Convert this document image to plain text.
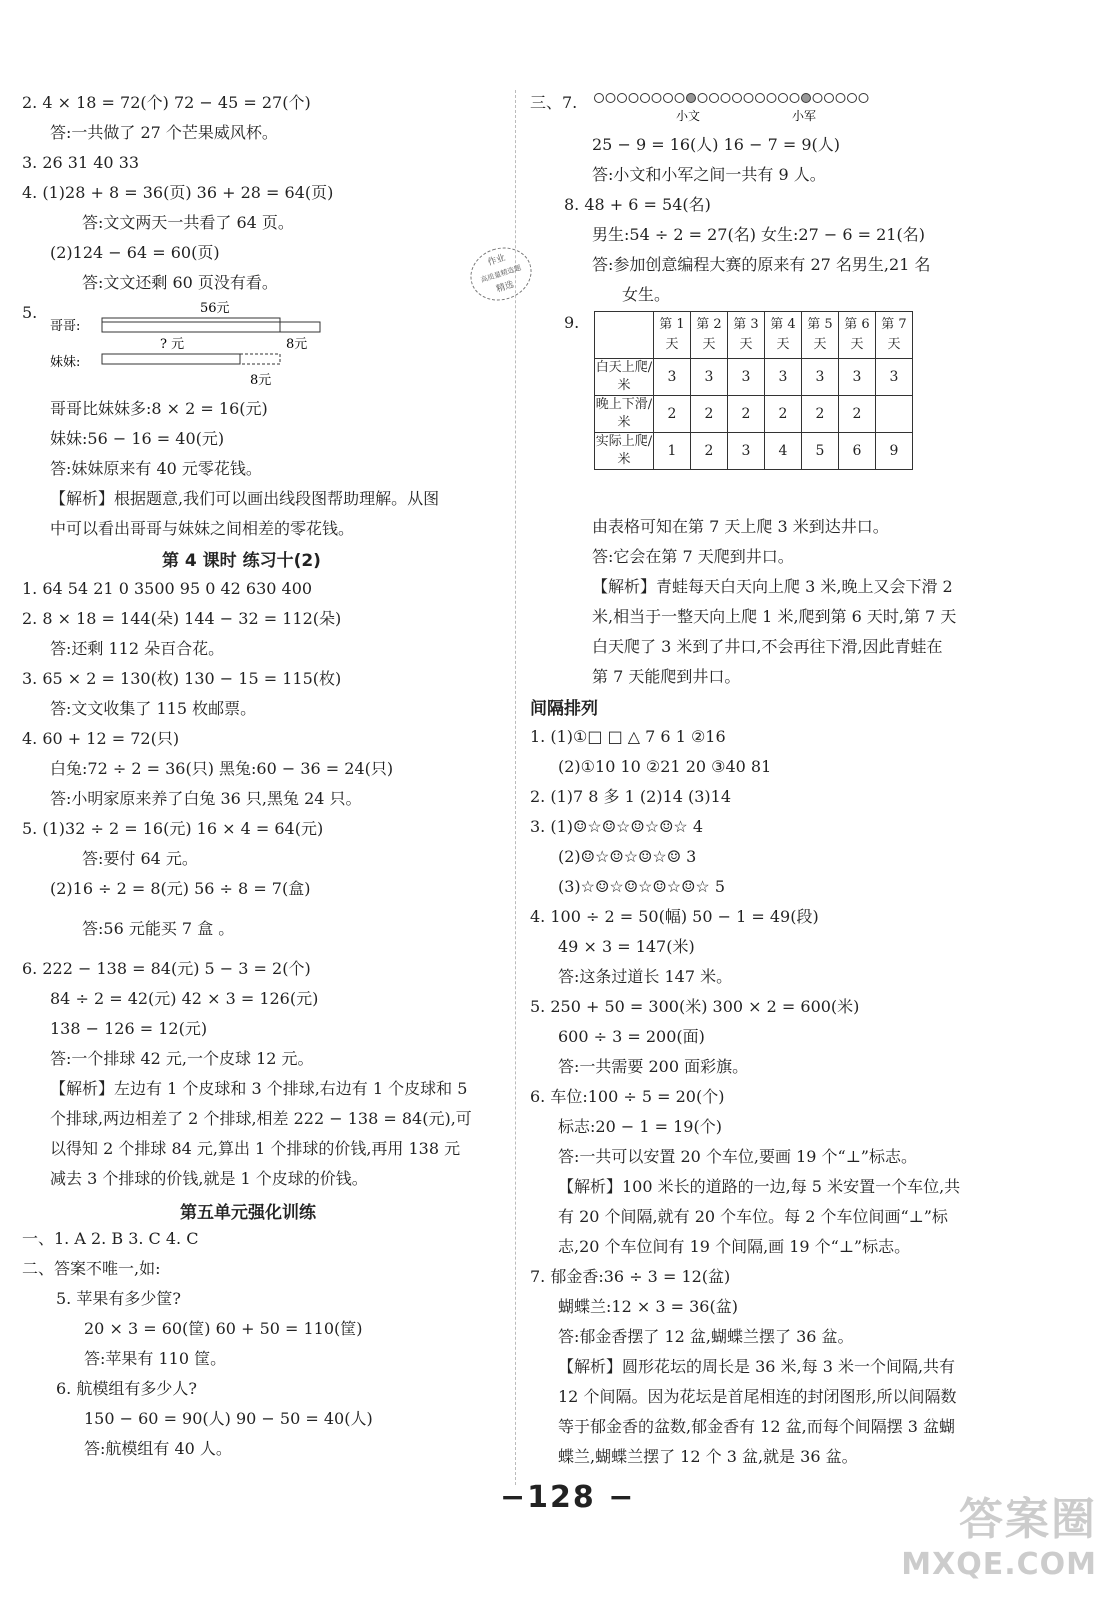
2. 4 × 18 = 72(个) 72 − 45 = 27(个)
答:一共做了 27 个芒果威风杯。
3. 26 31 40 33
4. (1)28 + 8 = 36(页) 36 + 28 = 64(页)
答:文文两天一共看了 64 页。
(2)124 − 64 = 60(页)
答:文文还剩 60 页没有看。
5.
哥哥比妹妹多:8 × 2 = 16(元)
妹妹:56 − 16 = 40(元)
答:妹妹原来有 40 元零花钱。
【解析】根据题意,我们可以画出线段图帮助理解。从图
中可以看出哥哥与妹妹之间相差的零花钱。
第 4 课时 练习十(2)
1. 64 54 21 0 3500 95 0 42 630 400
2. 8 × 18 = 144(朵) 144 − 32 = 112(朵)
答:还剩 112 朵百合花。
3. 65 × 2 = 130(枚) 130 − 15 = 115(枚)
答:文文收集了 115 枚邮票。
4. 60 + 12 = 72(只)
白兔:72 ÷ 2 = 36(只) 黑兔:60 − 36 = 24(只)
答:小明家原来养了白兔 36 只,黑兔 24 只。
5. (1)32 ÷ 2 = 16(元) 16 × 4 = 64(元)
答:要付 64 元。
(2)16 ÷ 2 = 8(元) 56 ÷ 8 = 7(盒)
答:56 元能买 7 盒 。
6. 222 − 138 = 84(元) 5 − 3 = 2(个)
84 ÷ 2 = 42(元) 42 × 3 = 126(元)
138 − 126 = 12(元)
答:一个排球 42 元,一个皮球 12 元。
【解析】左边有 1 个皮球和 3 个排球,右边有 1 个皮球和 5
个排球,两边相差了 2 个排球,相差 222 − 138 = 84(元),可
以得知 2 个排球 84 元,算出 1 个排球的价钱,再用 138 元
减去 3 个排球的价钱,就是 1 个皮球的价钱。
第五单元强化训练
一、1. A 2. B 3. C 4. C
二、答案不唯一,如:
5. 苹果有多少筐?
20 × 3 = 60(筐) 60 + 50 = 110(筐)
答:苹果有 110 筐。
6. 航模组有多少人?
150 − 60 = 90(人) 90 − 50 = 40(人)
答:航模组有 40 人。
三、7.
25 − 9 = 16(人) 16 − 7 = 9(人)
答:小文和小军之间一共有 9 人。
8. 48 + 6 = 54(名)
男生:54 ÷ 2 = 27(名) 女生:27 − 6 = 21(名)
答:参加创意编程大赛的原来有 27 名男生,21 名
女生。
9.
由表格可知在第 7 天上爬 3 米到达井口。
答:它会在第 7 天爬到井口。
【解析】青蛙每天白天向上爬 3 米,晚上又会下滑 2
米,相当于一整天向上爬 1 米,爬到第 6 天时,第 7 天
白天爬了 3 米到了井口,不会再往下滑,因此青蛙在
第 7 天能爬到井口。
间隔排列
1. (1)①□ □ △ 7 6 1 ②16
(2)①10 10 ②21 20 ③40 81
2. (1)7 8 多 1 (2)14 (3)14
3. (1)☺☆☺☆☺☆☺☆ 4
(2)☺☆☺☆☺☆☺ 3
(3)☆☺☆☺☆☺☆☺☆ 5
4. 100 ÷ 2 = 50(幅) 50 − 1 = 49(段)
49 × 3 = 147(米)
答:这条过道长 147 米。
5. 250 + 50 = 300(米) 300 × 2 = 600(米)
600 ÷ 3 = 200(面)
答:一共需要 200 面彩旗。
6. 车位:100 ÷ 5 = 20(个)
标志:20 − 1 = 19(个)
答:一共可以安置 20 个车位,要画 19 个“⊥”标志。
【解析】100 米长的道路的一边,每 5 米安置一个车位,共
有 20 个间隔,就有 20 个车位。每 2 个车位间画“⊥”标
志,20 个车位间有 19 个间隔,画 19 个“⊥”标志。
7. 郁金香:36 ÷ 3 = 12(盆)
蝴蝶兰:12 × 3 = 36(盆)
答:郁金香摆了 12 盆,蝴蝶兰摆了 36 盆。
【解析】圆形花坛的周长是 36 米,每 3 米一个间隔,共有
12 个间隔。因为花坛是首尾相连的封闭图形,所以间隔数
等于郁金香的盆数,郁金香有 12 盆,而每个间隔摆 3 盆蝴
蝶兰,蝴蝶兰摆了 12 个 3 盆,就是 36 盆。
56元
哥哥:
8元
? 元
妹妹:
8元
作业
高质量精选题
精选
小文	小军
	第 1 天	第 2 天	第 3 天	第 4 天	第 5 天	第 6 天	第 7 天
白天上爬/米	3	3	3	3	3	3	3
晚上下滑/米	2	2	2	2	2	2	
实际上爬/米	1	2	3	4	5	6	9
−128 −	答案圈
MXQE.COM
